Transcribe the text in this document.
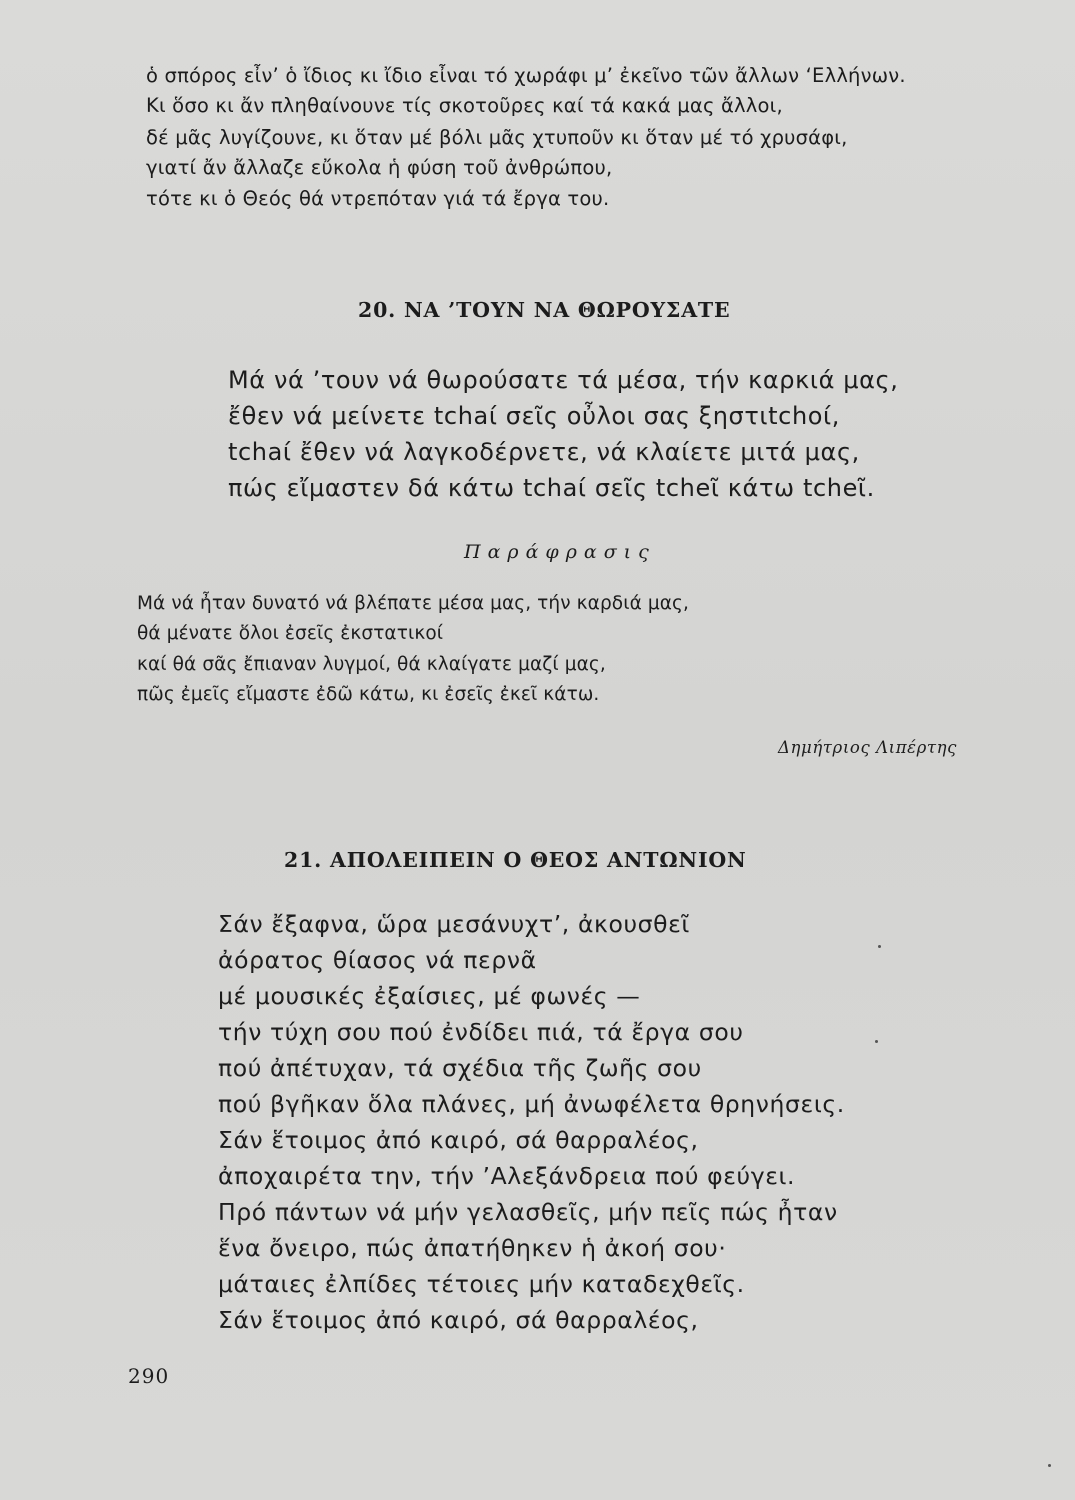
ὁ σπόρος εἶν’ ὁ ἴδιος κι ἴδιο εἶναι τό χωράφι μ’ ἐκεῖνο τῶν ἄλλων ‘Ελλήνων.
Κι ὅσο κι ἄν πληθαίνουνε τίς σκοτοῦρες καί τά κακά μας ἄλλοι,
δέ μᾶς λυγίζουνε, κι ὅταν μέ βόλι μᾶς χτυποῦν κι ὅταν μέ τό χρυσάφι,
γιατί ἄν ἄλλαζε εὔκολα ἡ φύση τοῦ ἀνθρώπου,
τότε κι ὁ Θεός θά ντρεπόταν γιά τά ἔργα του.
20. ΝΑ ’ΤΟΥΝ ΝΑ ΘΩΡΟΥΣΑΤΕ
Μά νά ’τουν νά θωρούσατε τά μέσα, τήν καρκιά μας,
ἔθεν νά μείνετε tchaί σεῖς οὖλοι σας ξηστιtchοί,
tchaί ἔθεν νά λαγκοδέρνετε, νά κλαίετε μιτά μας,
πώς εἴμαστεν δά κάτω tchaί σεῖς tcheῖ κάτω tcheῖ.
Παράφρασις
Μά νά ἦταν δυνατό νά βλέπατε μέσα μας, τήν καρδιά μας,
θά μένατε ὅλοι ἐσεῖς ἐκστατικοί
καί θά σᾶς ἔπιαναν λυγμοί, θά κλαίγατε μαζί μας,
πῶς ἐμεῖς εἴμαστε ἐδῶ κάτω, κι ἐσεῖς ἐκεῖ κάτω.
Δημήτριος Λιπέρτης
21. ΑΠΟΛΕΙΠΕΙΝ Ο ΘΕΟΣ ΑΝΤΩΝΙΟΝ
Σάν ἔξαφνα, ὥρα μεσάνυχτ’, ἀκουσθεῖ
ἀόρατος θίασος νά περνᾶ
μέ μουσικές ἐξαίσιες, μέ φωνές —
τήν τύχη σου πού ἐνδίδει πιά, τά ἔργα σου
πού ἀπέτυχαν, τά σχέδια τῆς ζωῆς σου
πού βγῆκαν ὅλα πλάνες, μή ἀνωφέλετα θρηνήσεις.
Σάν ἕτοιμος ἀπό καιρό, σά θαρραλέος,
ἀποχαιρέτα την, τήν ’Αλεξάνδρεια πού φεύγει.
Πρό πάντων νά μήν γελασθεῖς, μήν πεῖς πώς ἦταν
ἕνα ὄνειρο, πώς ἀπατήθηκεν ἡ ἀκοή σου·
μάταιες ἐλπίδες τέτοιες μήν καταδεχθεῖς.
Σάν ἕτοιμος ἀπό καιρό, σά θαρραλέος,
290
